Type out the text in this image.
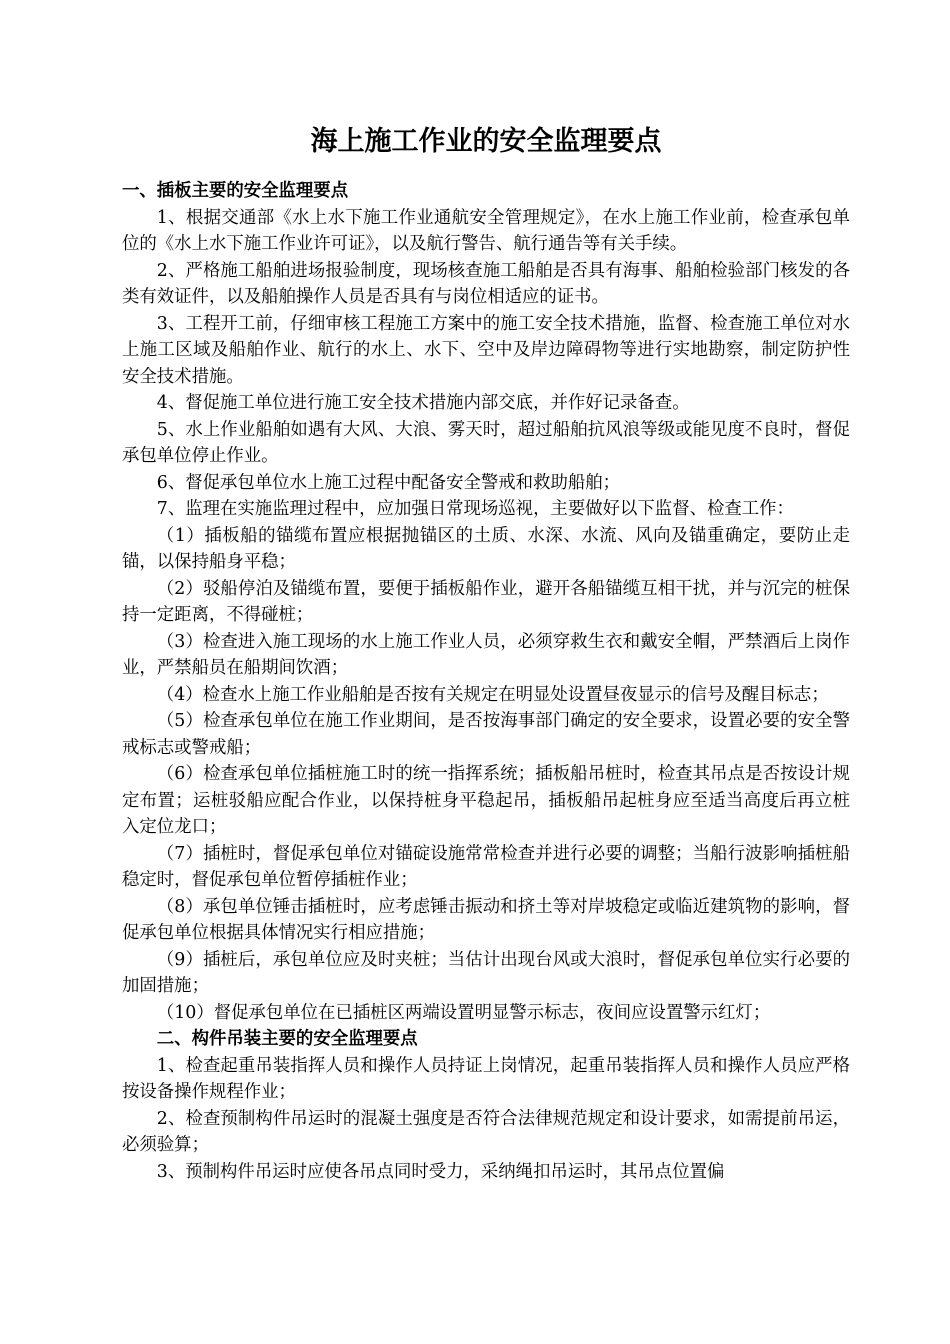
海上施工作业的安全监理要点

一、插板主要的安全监理要点

1、根据交通部《水上水下施工作业通航安全管理规定》，在水上施工作业前，检查承包单位的《水上水下施工作业许可证》，以及航行警告、航行通告等有关手续。

2、严格施工船舶进场报验制度，现场核查施工船舶是否具有海事、船舶检验部门核发的各类有效证件，以及船舶操作人员是否具有与岗位相适应的证书。

3、工程开工前，仔细审核工程施工方案中的施工安全技术措施，监督、检查施工单位对水上施工区域及船舶作业、航行的水上、水下、空中及岸边障碍物等进行实地勘察，制定防护性安全技术措施。

4、督促施工单位进行施工安全技术措施内部交底，并作好记录备查。

5、水上作业船舶如遇有大风、大浪、雾天时，超过船舶抗风浪等级或能见度不良时，督促承包单位停止作业。

6、督促承包单位水上施工过程中配备安全警戒和救助船舶；

7、监理在实施监理过程中，应加强日常现场巡视，主要做好以下监督、检查工作：

（1）插板船的锚缆布置应根据抛锚区的土质、水深、水流、风向及锚重确定，要防止走锚，以保持船身平稳；

（2）驳船停泊及锚缆布置，要便于插板船作业，避开各船锚缆互相干扰，并与沉完的桩保持一定距离，不得碰桩；

（3）检查进入施工现场的水上施工作业人员，必须穿救生衣和戴安全帽，严禁酒后上岗作业，严禁船员在船期间饮酒；

（4）检查水上施工作业船舶是否按有关规定在明显处设置昼夜显示的信号及醒目标志；

（5）检查承包单位在施工作业期间，是否按海事部门确定的安全要求，设置必要的安全警戒标志或警戒船；

（6）检查承包单位插桩施工时的统一指挥系统；插板船吊桩时，检查其吊点是否按设计规定布置；运桩驳船应配合作业，以保持桩身平稳起吊，插板船吊起桩身应至适当高度后再立桩入定位龙口；

（7）插桩时，督促承包单位对锚碇设施常常检查并进行必要的调整；当船行波影响插桩船稳定时，督促承包单位暂停插桩作业；

（8）承包单位锤击插桩时，应考虑锤击振动和挤土等对岸坡稳定或临近建筑物的影响，督促承包单位根据具体情况实行相应措施；

（9）插桩后，承包单位应及时夹桩；当估计出现台风或大浪时，督促承包单位实行必要的加固措施；

（10）督促承包单位在已插桩区两端设置明显警示标志，夜间应设置警示红灯；

二、构件吊装主要的安全监理要点

1、检查起重吊装指挥人员和操作人员持证上岗情况，起重吊装指挥人员和操作人员应严格按设备操作规程作业；

2、检查预制构件吊运时的混凝土强度是否符合法律规范规定和设计要求，如需提前吊运，必须验算；

3、预制构件吊运时应使各吊点同时受力，采纳绳扣吊运时，其吊点位置偏
